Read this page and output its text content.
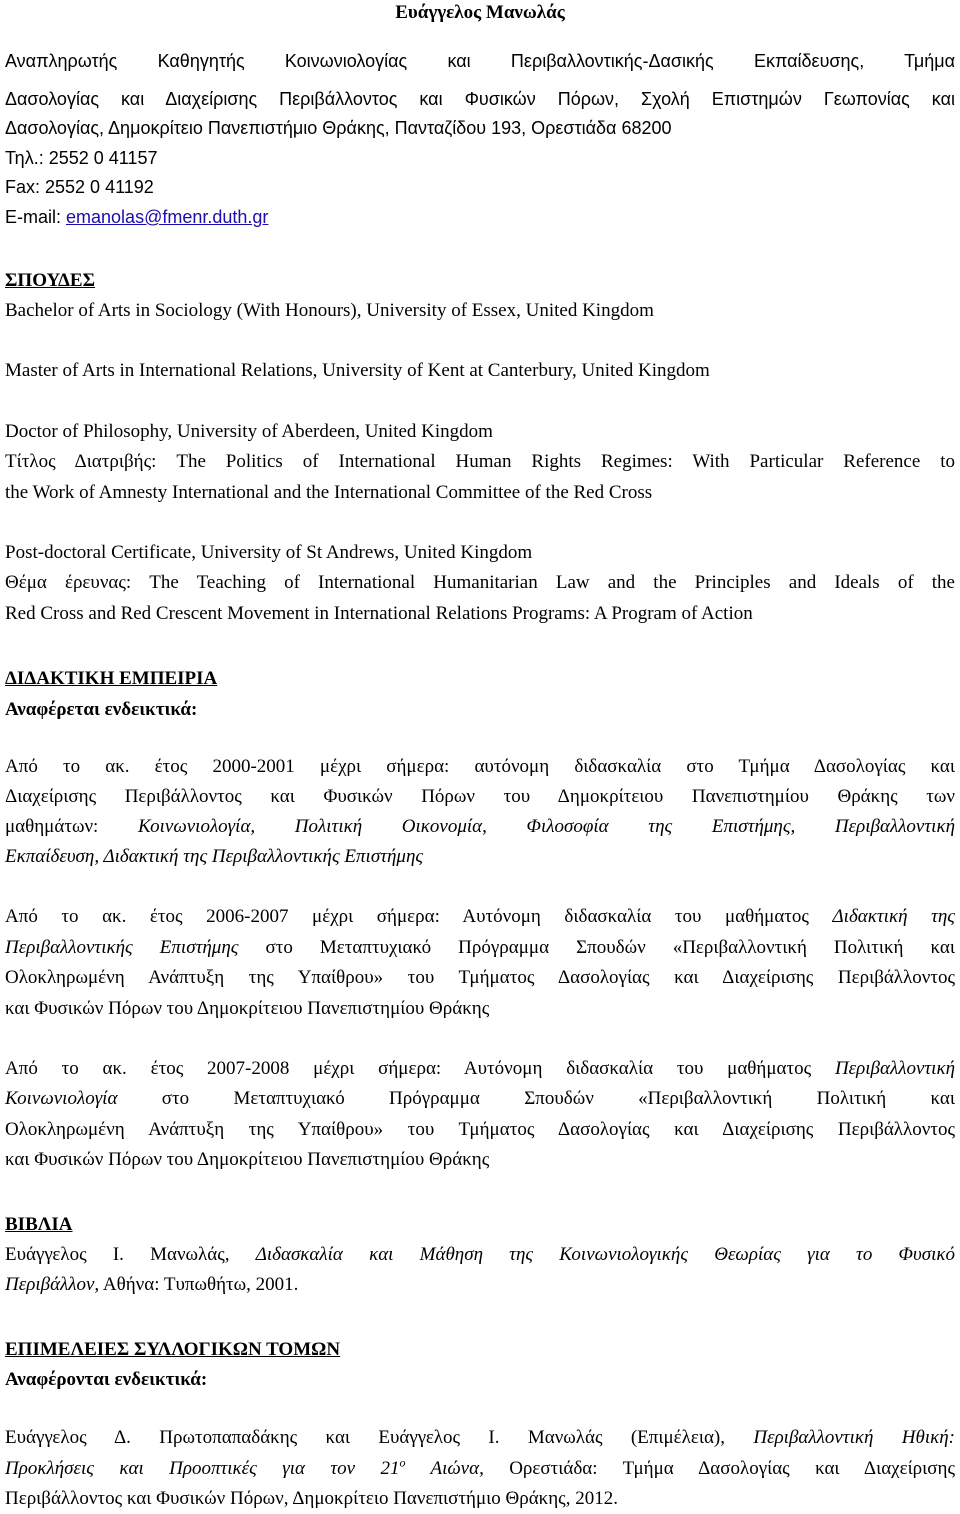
Ευάγγελος Μανωλάς
Αναπληρωτής Καθηγητής Κοινωνιολογίας και Περιβαλλοντικής-Δασικής Εκπαίδευσης, Τμήμα
Δασολογίας και Διαχείρισης Περιβάλλοντος και Φυσικών Πόρων, Σχολή Επιστημών Γεωπονίας και
Δασολογίας, Δημοκρίτειο Πανεπιστήμιο Θράκης, Πανταζίδου 193, Ορεστιάδα 68200
Τηλ.: 2552 0 41157
Fax: 2552 0 41192
E-mail: emanolas@fmenr.duth.gr
ΣΠΟΥΔΕΣ
Bachelor of Arts in Sociology (With Honours), University of Essex, United Kingdom
Master of Arts in International Relations, University of Kent at Canterbury, United Kingdom
Doctor of Philosophy, University of Aberdeen, United Kingdom
Τίτλος Διατριβής: The Politics of International Human Rights Regimes: With Particular Reference to
the Work of Amnesty International and the International Committee of the Red Cross
Post-doctoral Certificate, University of St Andrews, United Kingdom
Θέμα έρευνας: The Teaching of International Humanitarian Law and the Principles and Ideals of the
Red Cross and Red Crescent Movement in International Relations Programs: A Program of Action
ΔΙΔΑΚΤΙΚΗ ΕΜΠΕΙΡΙΑ
Αναφέρεται ενδεικτικά:
Από το ακ. έτος 2000-2001 μέχρι σήμερα: αυτόνομη διδασκαλία στο Τμήμα Δασολογίας και
Διαχείρισης Περιβάλλοντος και Φυσικών Πόρων του Δημοκρίτειου Πανεπιστημίου Θράκης των
μαθημάτων: Κοινωνιολογία, Πολιτική Οικονομία, Φιλοσοφία της Επιστήμης, Περιβαλλοντική
Εκπαίδευση, Διδακτική της Περιβαλλοντικής Επιστήμης
Από το ακ. έτος 2006-2007 μέχρι σήμερα: Αυτόνομη διδασκαλία του μαθήματος Διδακτική της
Περιβαλλοντικής Επιστήμης στο Μεταπτυχιακό Πρόγραμμα Σπουδών «Περιβαλλοντική Πολιτική και
Ολοκληρωμένη Ανάπτυξη της Υπαίθρου» του Τμήματος Δασολογίας και Διαχείρισης Περιβάλλοντος
και Φυσικών Πόρων του Δημοκρίτειου Πανεπιστημίου Θράκης
Από το ακ. έτος 2007-2008 μέχρι σήμερα: Αυτόνομη διδασκαλία του μαθήματος Περιβαλλοντική
Κοινωνιολογία στο Μεταπτυχιακό Πρόγραμμα Σπουδών «Περιβαλλοντική Πολιτική και
Ολοκληρωμένη Ανάπτυξη της Υπαίθρου» του Τμήματος Δασολογίας και Διαχείρισης Περιβάλλοντος
και Φυσικών Πόρων του Δημοκρίτειου Πανεπιστημίου Θράκης
ΒΙΒΛΙΑ
Ευάγγελος Ι. Μανωλάς, Διδασκαλία και Μάθηση της Κοινωνιολογικής Θεωρίας για το Φυσικό
Περιβάλλον, Αθήνα: Τυπωθήτω, 2001.
ΕΠΙΜΕΛΕΙΕΣ ΣΥΛΛΟΓΙΚΩΝ ΤΟΜΩΝ
Αναφέρονται ενδεικτικά:
Ευάγγελος Δ. Πρωτοπαπαδάκης και Ευάγγελος Ι. Μανωλάς (Επιμέλεια), Περιβαλλοντική Ηθική:
Προκλήσεις και Προοπτικές για τον $21^o$ Αιώνα, Ορεστιάδα: Τμήμα Δασολογίας και Διαχείρισης
Περιβάλλοντος και Φυσικών Πόρων, Δημοκρίτειο Πανεπιστήμιο Θράκης, 2012.
